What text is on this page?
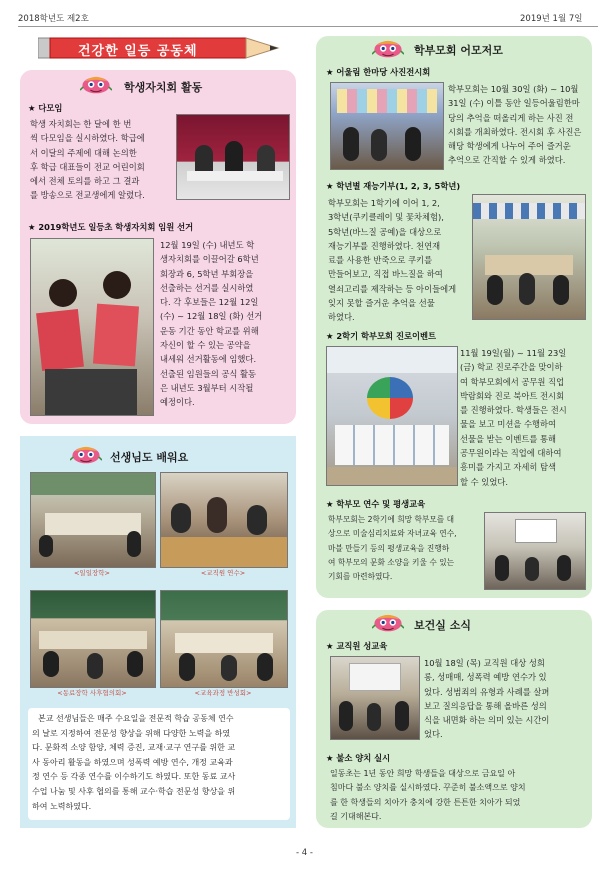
2018학년도 제2호	2019년 1월 7일
건강한 일등 공동체
학생자치회 활동
★ 다모임
학생 자치회는 한 달에 한 번
씩 다모임을 실시하였다. 학급에
서 이달의 주제에 대해 논의한
후 학급 대표들이 전교 어린이회
에서 전체 토의를 하고 그 결과
를 방송으로 전교생에게 알렸다.
★ 2019학년도 일등초 학생자치회 임원 선거
12월 19일 (수) 내년도 학
생자치회를 이끌어갈 6학년
회장과 6, 5학년 부회장을
선출하는 선거를 실시하였
다. 각 후보들은 12월 12일
(수) ~ 12월 18일 (화) 선거
운동 기간 동안 학교를 위해
자신이 할 수 있는 공약을
내세워 선거활동에 임했다.
선출된 임원들의 공식 활동
은 내년도 3월부터 시작될
예정이다.
선생님도 배워요
<일일장학>	<교직원 연수>
<동료장학 사후협의회>	<교육과정 반성회>
본교 선생님들은 매주 수요일을 전문적 학습 공동체 연수
의 날로 지정하여 전문성 향상을 위해 다양한 노력을 하였
다. 문화적 소양 함양, 체력 증진, 교재·교구 연구를 위한 교
사 동아리 활동을 하였으며 성폭력 예방 연수, 개정 교육과
정 연수 등 각종 연수를 이수하기도 하였다. 또한 동료 교사
수업 나눔 및 사후 협의를 통해 교수·학습 전문성 향상을 위
하여 노력하였다.
학부모회 어모저모
★ 어울림 한마당 사진전시회
학부모회는 10월 30일 (화) ~ 10월
31일 (수) 이틀 동안 일등어울림한마
당의 추억을 떠올리게 하는 사진 전
시회를 개최하였다. 전시회 후 사진은
해당 학생에게 나누어 주어 즐거운
추억으로 간직할 수 있게 하였다.
★ 학년별 재능기부(1, 2, 3, 5학년)
학부모회는 1학기에 이어 1, 2,
3학년(쿠키클레이 및 꽃차체험),
5학년(바느질 공예)을 대상으로
재능기부를 진행하였다. 천연재
료를 사용한 반죽으로 쿠키를
만들어보고, 직접 바느질을 하여
열쇠고리를 제작하는 등 아이들에게
잊지 못할 즐거운 추억을 선물
하였다.
★ 2학기 학부모회 진로이벤트
11월 19일(월) ~ 11월 23일
(금) 학교 진로주간을 맞이하
여 학부모회에서 공무원 직업
박람회와 진로 북아트 전시회
를 진행하였다. 학생들은 전시
물을 보고 미션을 수행하여
선물을 받는 이벤트를 통해
공무원이라는 직업에 대하여
흥미를 가지고 자세히 탐색
할 수 있었다.
★ 학부모 연수 및 평생교육
학부모회는 2학기에 희망 학부모를 대
상으로 미술심리치료와 자녀교육 연수,
마블 만들기 등의 평생교육을 진행하
여 학부모의 문화 소양을 키울 수 있는
기회를 마련하였다.
보건실 소식
★ 교직원 성교육
10월 18일 (목) 교직원 대상 성희
롱, 성매매, 성폭력 예방 연수가 있
었다. 성범죄의 유형과 사례를 살펴
보고 질의응답을 통해 올바른 성의
식을 내면화 하는 의미 있는 시간이
었다.
★ 불소 양치 실시
일동초는 1년 동안 희망 학생들을 대상으로 금요일 아
침마다 불소 양치를 실시하였다. 꾸준히 불소액으로 양치
를 한 학생들의 치아가 충치에 강한 튼튼한 치아가 되었
길 기대해본다.
- 4 -
